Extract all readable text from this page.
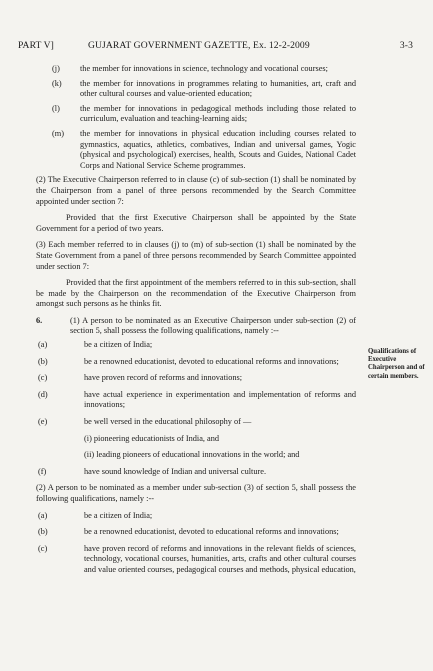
PART V]	GUJARAT GOVERNMENT GAZETTE, Ex. 12-2-2009	3-3
(j)	the member for innovations in science, technology and vocational courses;
(k)	the member for innovations in programmes relating to humanities, art, craft and other cultural courses and value-oriented education;
(l)	the member for innovations in pedagogical methods including those related to curriculum, evaluation and teaching-learning aids;
(m)	the member for innovations in physical education including courses related to gymnastics, aquatics, athletics, combatives, Indian and universal games, Yogic (physical and psychological) exercises, health, Scouts and Guides, National Cadet Corps and National Service Scheme programmes.

(2) The Executive Chairperson referred to in clause (c) of sub-section (1) shall be nominated by the Chairperson from a panel of three persons recommended by the Search Committee appointed under section 7:

Provided that the first Executive Chairperson shall be appointed by the State Government for a period of two years.

(3) Each member referred to in clauses (j) to (m) of sub-section (1) shall be nominated by the State Government from a panel of three persons recommended by Search Committee appointed under section 7:

Provided that the first appointment of the members referred to in this sub-section, shall be made by the Chairperson on the recommendation of the Executive Chairperson from amongst such persons as he thinks fit.

6.	(1) A person to be nominated as an Executive Chairperson under sub-section (2) of section 5, shall possess the following qualifications, namely :--
(a)	be a citizen of India;
(b)	be a renowned educationist, devoted to educational reforms and innovations;
(c)	have proven record of reforms and innovations;
(d)	have actual experience in experimentation and implementation of reforms and innovations;
(e)	be well versed in the educational philosophy of —
(i) pioneering educationists of India, and
(ii) leading pioneers of educational innovations in the world; and
(f)	have sound knowledge of Indian and universal culture.

(2) A person to be nominated as a member under sub-section (3) of section 5, shall possess the following qualifications, namely :--

(a)	be a citizen of India;
(b)	be a renowned educationist, devoted to educational reforms and innovations;
(c)	have proven record of reforms and innovations in the relevant fields of sciences, technology, vocational courses, humanities, arts, crafts and other cultural courses and value oriented courses, pedagogical courses and methods, physical education,
Qualifications of Executive Chairperson and of certain members.
